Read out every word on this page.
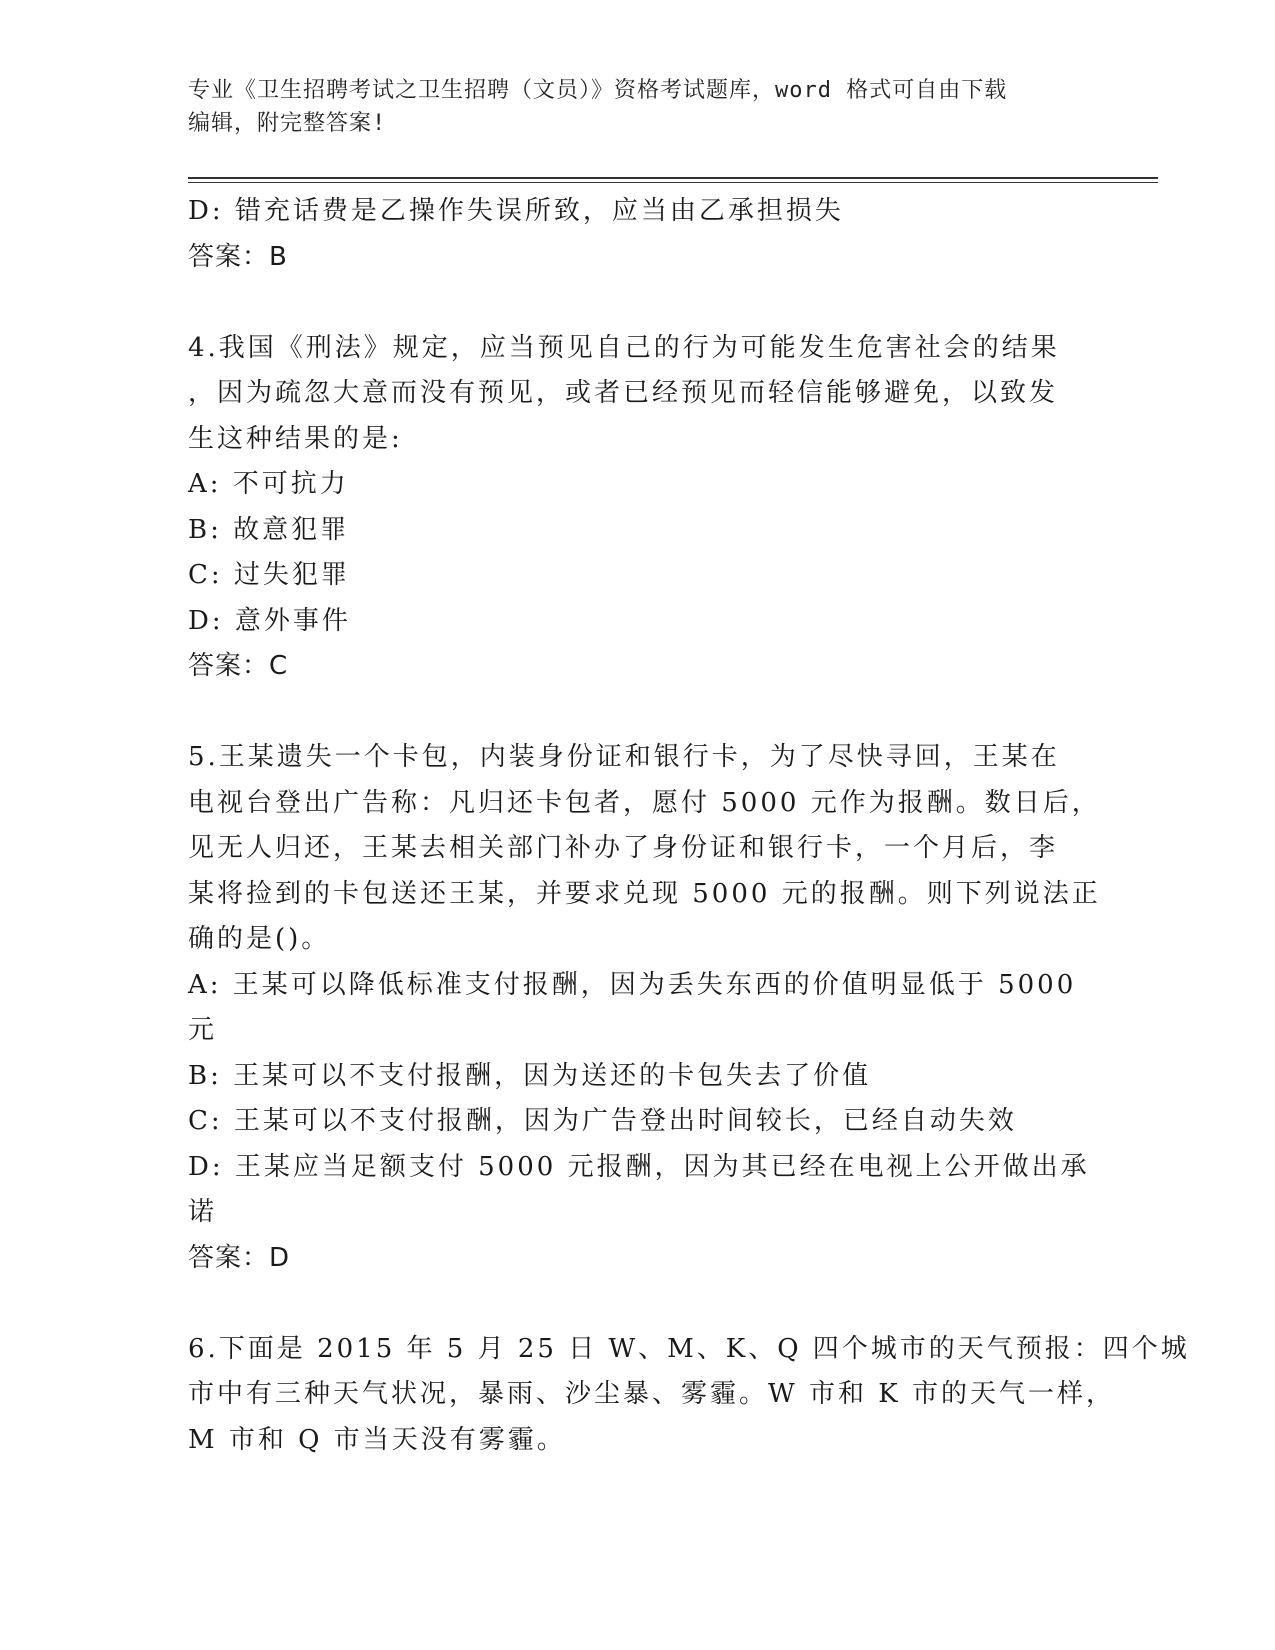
专业《卫生招聘考试之卫生招聘（文员）》资格考试题库，word 格式可自由下载
编辑，附完整答案!
D: 错充话费是乙操作失误所致，应当由乙承担损失
答案：B
4.我国《刑法》规定，应当预见自己的行为可能发生危害社会的结果
，因为疏忽大意而没有预见，或者已经预见而轻信能够避免，以致发
生这种结果的是:
A: 不可抗力
B: 故意犯罪
C: 过失犯罪
D: 意外事件
答案：C
5.王某遗失一个卡包，内装身份证和银行卡，为了尽快寻回，王某在
电视台登出广告称：凡归还卡包者，愿付 5000 元作为报酬。数日后，
见无人归还，王某去相关部门补办了身份证和银行卡，一个月后，李
某将捡到的卡包送还王某，并要求兑现 5000 元的报酬。则下列说法正
确的是()。
A: 王某可以降低标准支付报酬，因为丢失东西的价值明显低于 5000
元
B: 王某可以不支付报酬，因为送还的卡包失去了价值
C: 王某可以不支付报酬，因为广告登出时间较长，已经自动失效
D: 王某应当足额支付 5000 元报酬，因为其已经在电视上公开做出承
诺
答案：D
6.下面是 2015 年 5 月 25 日 W、M、K、Q 四个城市的天气预报：四个城
市中有三种天气状况，暴雨、沙尘暴、雾霾。W 市和 K 市的天气一样，
M 市和 Q 市当天没有雾霾。
